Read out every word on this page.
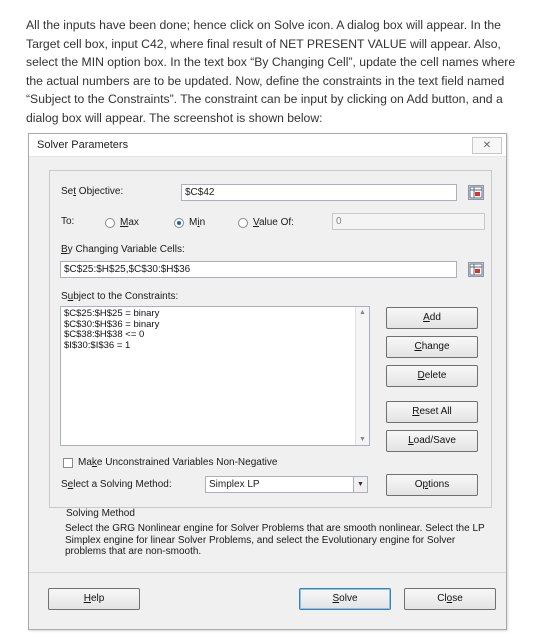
All the inputs have been done; hence click on Solve icon. A dialog box will appear. In the Target cell box, input C42, where final result of NET PRESENT VALUE will appear. Also, select the MIN option box. In the text box “By Changing Cell”, update the cell names where the actual numbers are to be updated. Now, define the constraints in the text field named “Subject to the Constraints”. The constraint can be input by clicking on Add button, and a dialog box will appear. The screenshot is shown below:

Solver Parameters	✕
Set Objective:	$C$42
To:	Max	Min	Value Of:	0
By Changing Variable Cells:
$C$25:$H$25,$C$30:$H$36
Subject to the Constraints:
$C$25:$H$25 = binary
$C$30:$H$36 = binary
$C$38:$H$38 <= 0
$I$30:$I$36 = 1
▲
▼
Add
Change
Delete
Reset All
Load/Save
Make Unconstrained Variables Non-Negative
Select a Solving Method:	Simplex LP	▼	Options
Solving Method
Select the GRG Nonlinear engine for Solver Problems that are smooth nonlinear. Select the LP Simplex engine for linear Solver Problems, and select the Evolutionary engine for Solver problems that are non-smooth.
Help	Solve	Close
